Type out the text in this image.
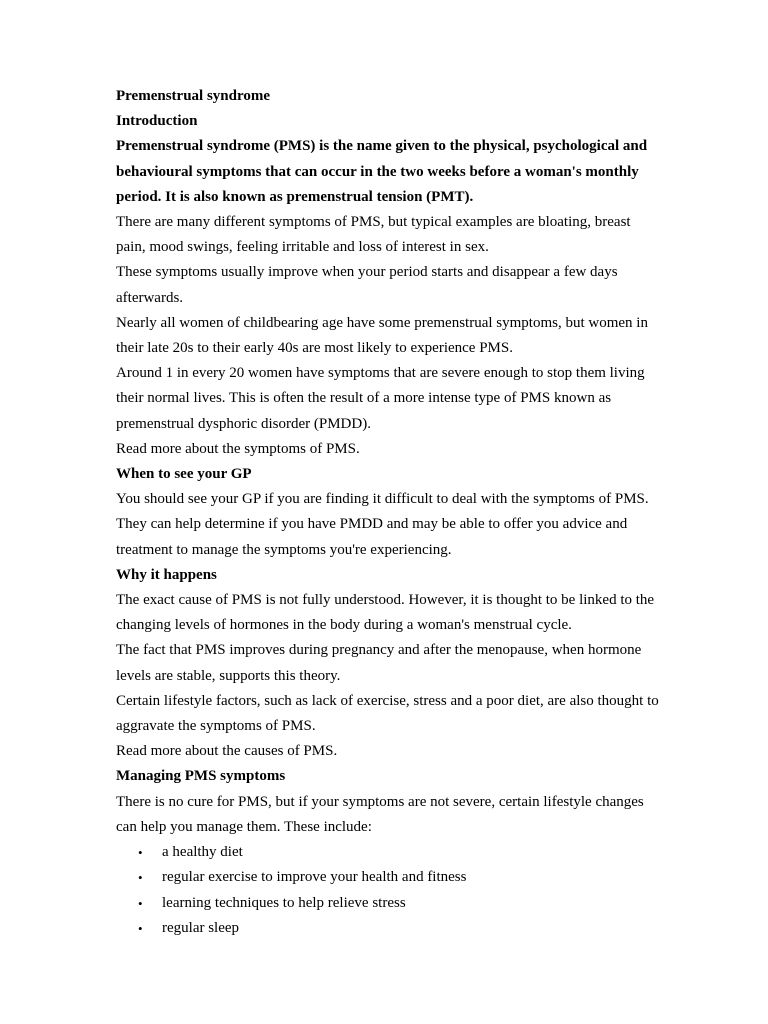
Premenstrual syndrome

Introduction

Premenstrual syndrome (PMS) is the name given to the physical, psychological and behavioural symptoms that can occur in the two weeks before a woman's monthly period. It is also known as premenstrual tension (PMT).

There are many different symptoms of PMS, but typical examples are bloating, breast pain, mood swings, feeling irritable and loss of interest in sex.

These symptoms usually improve when your period starts and disappear a few days afterwards.

Nearly all women of childbearing age have some premenstrual symptoms, but women in their late 20s to their early 40s are most likely to experience PMS.

Around 1 in every 20 women have symptoms that are severe enough to stop them living their normal lives. This is often the result of a more intense type of PMS known as premenstrual dysphoric disorder (PMDD).

Read more about the symptoms of PMS.

When to see your GP

You should see your GP if you are finding it difficult to deal with the symptoms of PMS. They can help determine if you have PMDD and may be able to offer you advice and treatment to manage the symptoms you're experiencing.

Why it happens

The exact cause of PMS is not fully understood. However, it is thought to be linked to the changing levels of hormones in the body during a woman's menstrual cycle.

The fact that PMS improves during pregnancy and after the menopause, when hormone levels are stable, supports this theory.

Certain lifestyle factors, such as lack of exercise, stress and a poor diet, are also thought to aggravate the symptoms of PMS.

Read more about the causes of PMS.

Managing PMS symptoms

There is no cure for PMS, but if your symptoms are not severe, certain lifestyle changes can help you manage them. These include:

• a healthy diet
• regular exercise to improve your health and fitness
• learning techniques to help relieve stress
• regular sleep
